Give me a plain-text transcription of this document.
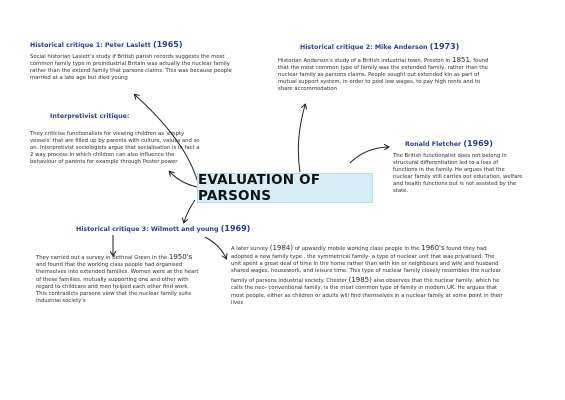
Historical critique 1: Peter Laslett (1965)
Social historian Laslett's study if British parish records suggests the most common family type in preindustrial Britain was actually the nuclear family rather than the extend family that parsons claims. This was because people married at a late age but died young
Historical critique 2: Mike Anderson (1973)
Historian Anderson's study of a British industrial town, Preston in 1851, found that the most common type of family was the extended family, rather than the nuclear family as parsons claims. People sought out extended kin as part of mutual support system, in order to pool low wages, to pay high rents and to share accommodation
Interpretivist critique:
They criticise functionalists for viewing children as 'empty vessels' that are filled up by parents with culture, values and so on. Interpretivist sociologists argue that socialisation is in fact a 2 way process in which children can also influence the behaviour of parents for example through Pester power
Ronald Fletcher (1969)
The British functionalist does not belong in structural differentiation led to a loss of functions in the family. He argues that the nuclear family still carries out education, welfare and health functions but is not assisted by the state.
EVALUATION OF PARSONS
Historical critique 3: Wilmott and young (1969)
They carried out a survey in Bethnal Green in the 1950's and found that the working class people had organised themselves into extended families. Women were at the heart of these families, mutually supporting one and other with regard to childcare and men helped each other find work. This contradicts parsons view that the nuclear family suits industrial society's
A later survey (1984) of upwardly mobile working class people in the 1960's found they had adopted a new family type , the symmetrical family- a type of nuclear unit that was privatised. The unit spent a great deal of time in the home rather than with kin or neighbours and wife and husband shared wages, housework, and leisure time. This type of nuclear family closely resembles the nuclear family of parsons industrial society. Chester (1985) also observes that the nuclear family, which he calls the neo- conventional family, is the most common type of family in modern UK. He argues that most people, either as children or adults will find themselves in a nuclear family at some point in their lives
